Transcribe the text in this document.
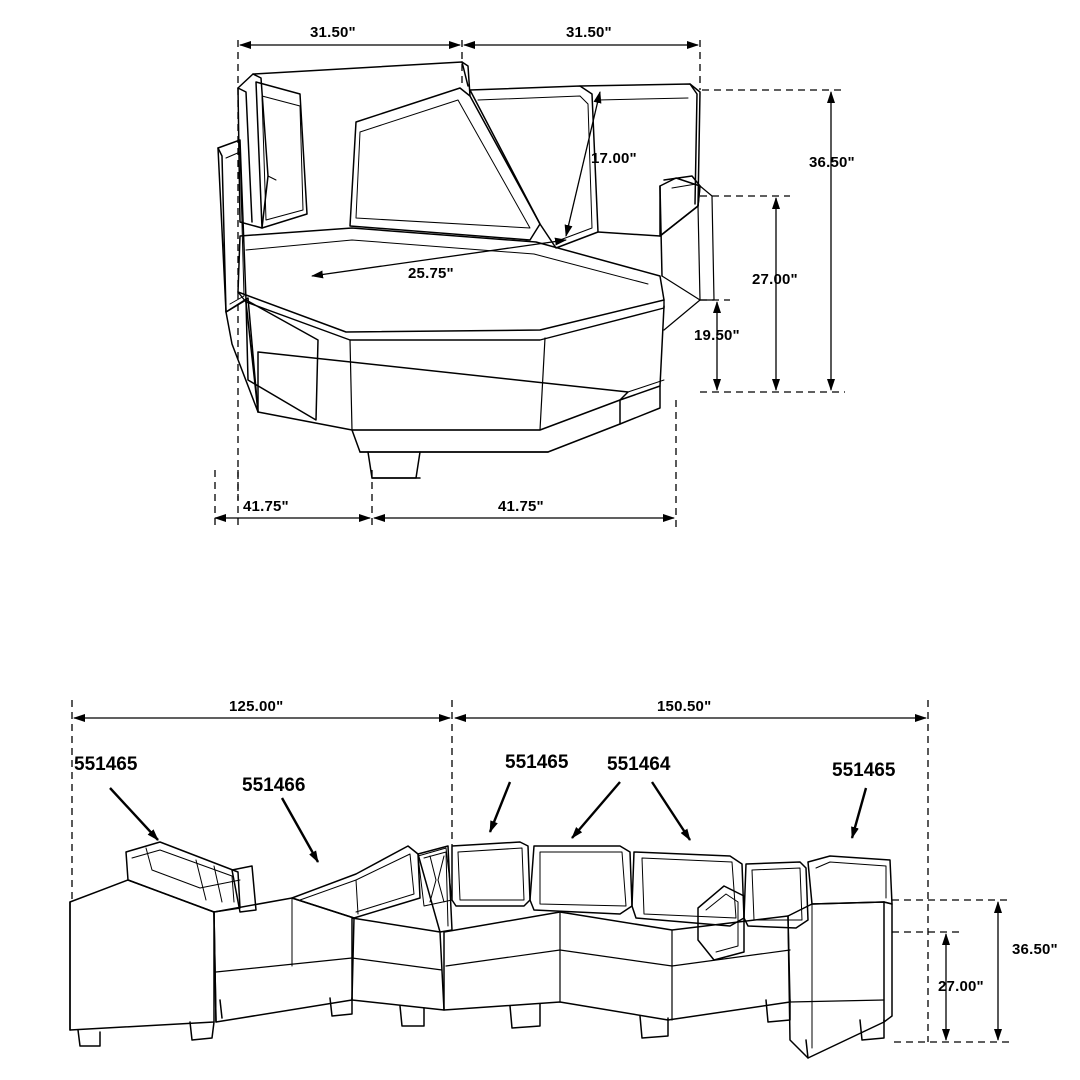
31.50"	31.50"
17.00"	36.50"
25.75"	27.00"
19.50"
41.75"	41.75"
125.00"	150.50"
36.50"
27.00"
551465
551466
551465 551464	551465
